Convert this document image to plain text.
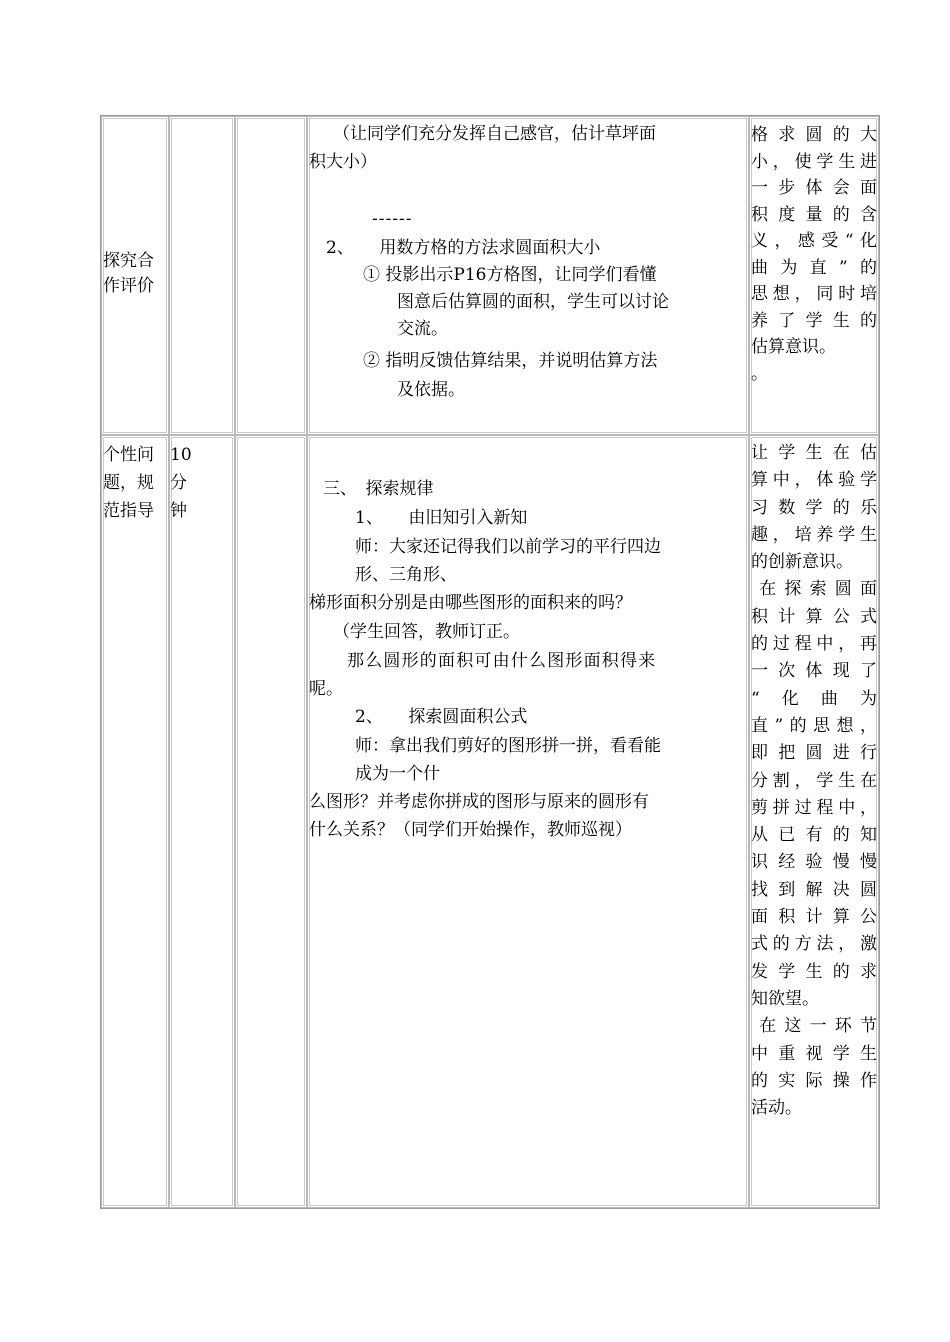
探究合
作评价
（让同学们充分发挥自己感官，估计草坪面
积大小）
------
2、　　用数方格的方法求圆面积大小
① 投影出示P16方格图，让同学们看懂
图意后估算圆的面积，学生可以讨论
交流。
② 指明反馈估算结果，并说明估算方法
及依据。
格 求 圆 的 大
小 ， 使 学 生 进
一 步 体 会 面
积 度 量 的 含
义 ， 感 受 “ 化
曲 为 直 ” 的
思 想 ， 同 时 培
养 了 学 生 的
估算意识。
。
个性问
题，规
范指导
10
分
钟
三、　探索规律
1、　　由旧知引入新知
师：大家还记得我们以前学习的平行四边
形、三角形、
梯形面积分别是由哪些图形的面积来的吗？
（学生回答，教师订正。
那么圆形的面积可由什么图形面积得来
呢。
2、　　探索圆面积公式
师：拿出我们剪好的图形拼一拼，看看能
成为一个什
么图形？并考虑你拼成的图形与原来的圆形有
什么关系？（同学们开始操作，教师巡视）
让 学 生 在 估
算 中 ， 体 验 学
习 数 学 的 乐
趣 ， 培 养 学 生
的创新意识。
在 探 索 圆 面
积 计 算 公 式
的 过 程 中 ， 再
一 次 体 现 了
“ 化 曲 为
直 ” 的 思 想 ，
即 把 圆 进 行
分 割 ， 学 生 在
剪 拼 过 程 中 ，
从 已 有 的 知
识 经 验 慢 慢
找 到 解 决 圆
面 积 计 算 公
式 的 方 法 ， 激
发 学 生 的 求
知欲望。
在 这 一 环 节
中 重 视 学 生
的 实 际 操 作
活动。
